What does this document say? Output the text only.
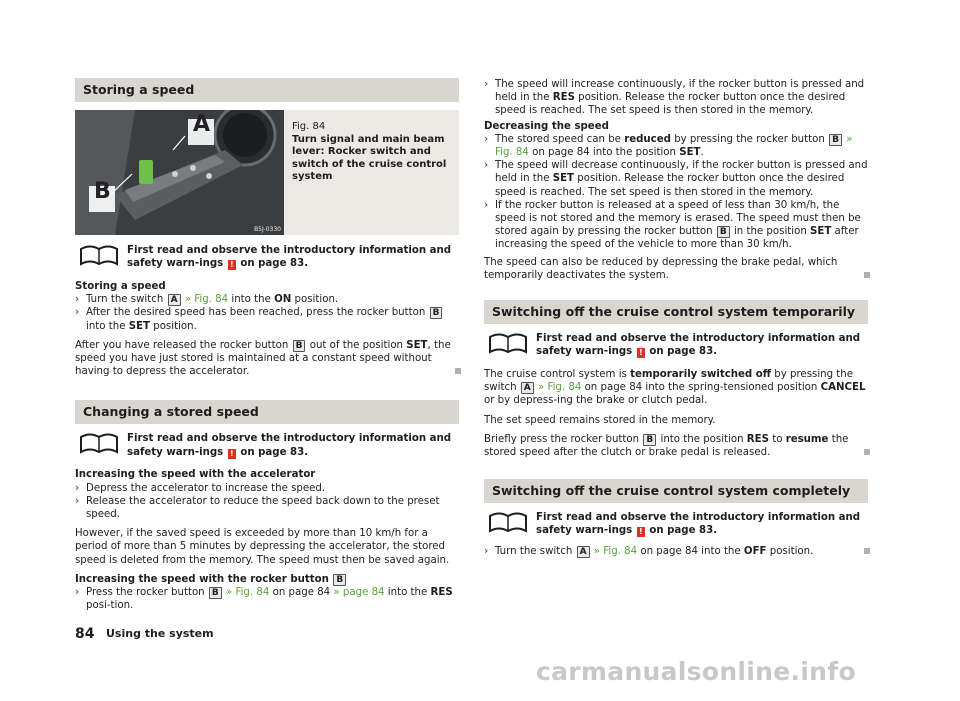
Storing a speed
A
B
B5J-0330
Fig. 84
Turn signal and main beam lever: Rocker switch and switch of the cruise control system
First read and observe the introductory information and safety warn-ings ! on page 83.
Storing a speed
› Turn the switch A » Fig. 84 into the ON position.
› After the desired speed has been reached, press the rocker button B into the SET position.

After you have released the rocker button B out of the position SET, the speed you have just stored is maintained at a constant speed without having to depress the accelerator.

Changing a stored speed
First read and observe the introductory information and safety warn-ings ! on page 83.
Increasing the speed with the accelerator
› Depress the accelerator to increase the speed.
› Release the accelerator to reduce the speed back down to the preset speed.

However, if the saved speed is exceeded by more than 10 km/h for a period of more than 5 minutes by depressing the accelerator, the stored speed is deleted from the memory. The speed must then be saved again.

Increasing the speed with the rocker button B
› Press the rocker button B » Fig. 84 on page 84 » page 84 into the RES posi-tion.
› The speed will increase continuously, if the rocker button is pressed and held in the RES position. Release the rocker button once the desired speed is reached. The set speed is then stored in the memory.
Decreasing the speed
› The stored speed can be reduced by pressing the rocker button B » Fig. 84 on page 84 into the position SET.
› The speed will decrease continuously, if the rocker button is pressed and held in the SET position. Release the rocker button once the desired speed is reached. The set speed is then stored in the memory.
› If the rocker button is released at a speed of less than 30 km/h, the speed is not stored and the memory is erased. The speed must then be stored again by pressing the rocker button B in the position SET after increasing the speed of the vehicle to more than 30 km/h.

The speed can also be reduced by depressing the brake pedal, which temporarily deactivates the system.

Switching off the cruise control system temporarily
First read and observe the introductory information and safety warn-ings ! on page 83.

The cruise control system is temporarily switched off by pressing the switch A » Fig. 84 on page 84 into the spring-tensioned position CANCEL or by depress-ing the brake or clutch pedal.

The set speed remains stored in the memory.

Briefly press the rocker button B into the position RES to resume the stored speed after the clutch or brake pedal is released.

Switching off the cruise control system completely
First read and observe the introductory information and safety warn-ings ! on page 83.
› Turn the switch A » Fig. 84 on page 84 into the OFF position.
84 Using the system
carmanualsonline.info
